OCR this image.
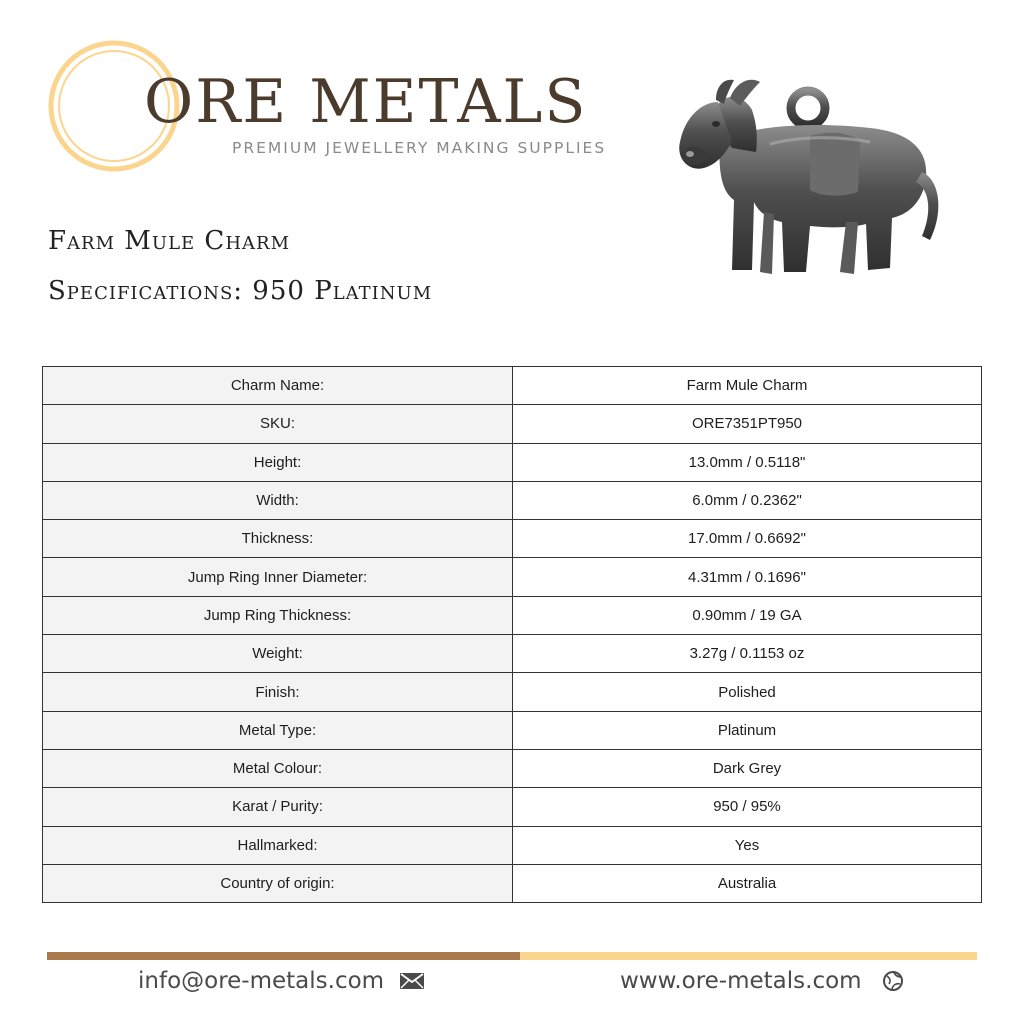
ORE METALS
PREMIUM JEWELLERY MAKING SUPPLIES
Farm Mule Charm
Specifications: 950 Platinum
Charm Name:	Farm Mule Charm
SKU:	ORE7351PT950
Height:	13.0mm / 0.5118"
Width:	6.0mm / 0.2362"
Thickness:	17.0mm / 0.6692"
Jump Ring Inner Diameter:	4.31mm / 0.1696"
Jump Ring Thickness:	0.90mm / 19 GA
Weight:	3.27g / 0.1153 oz
Finish:	Polished
Metal Type:	Platinum
Metal Colour:	Dark Grey
Karat / Purity:	950 / 95%
Hallmarked:	Yes
Country of origin:	Australia
info@ore-metals.com	www.ore-metals.com
